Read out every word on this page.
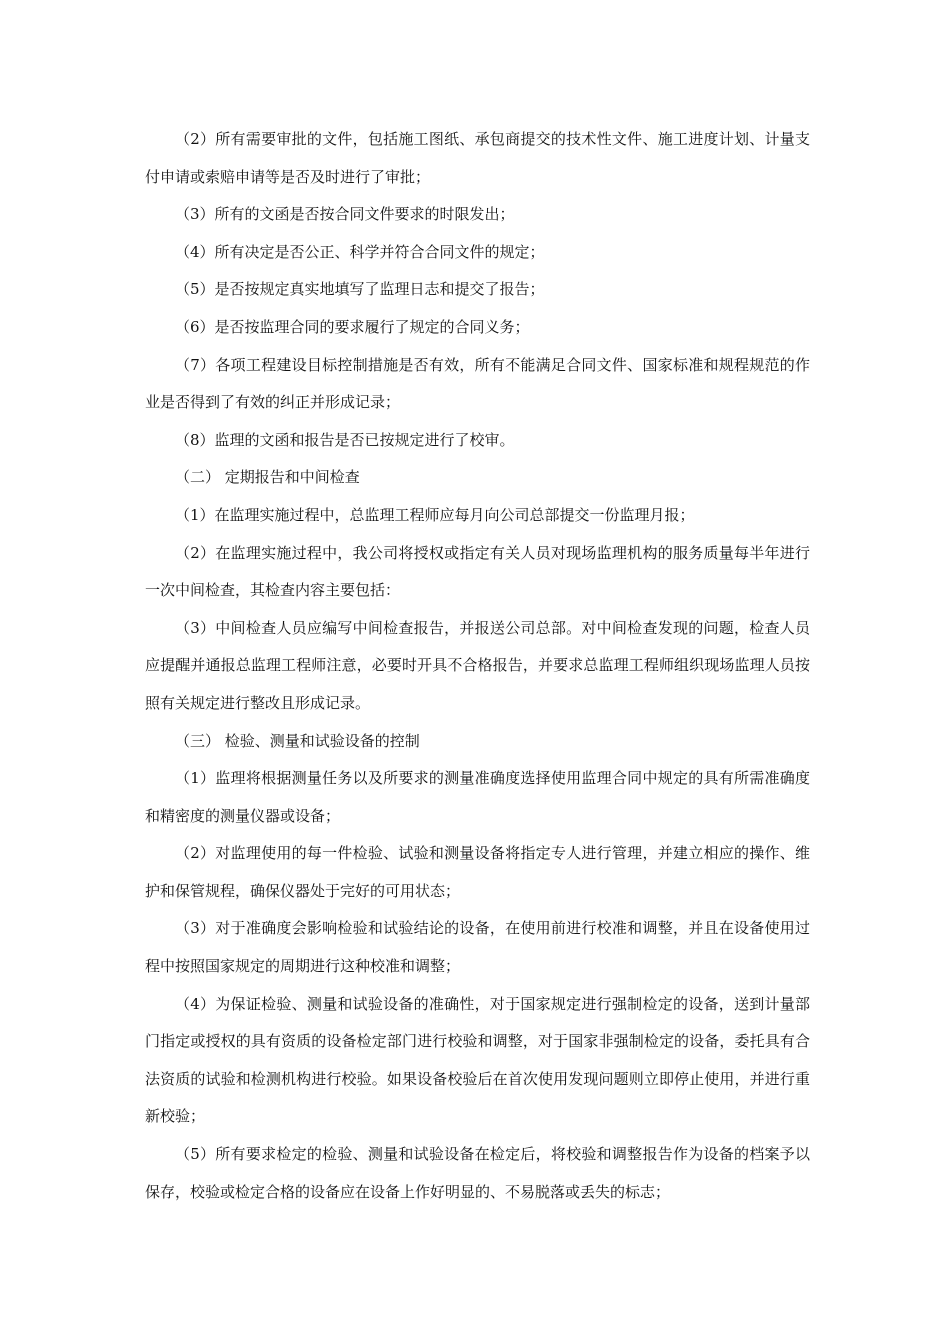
（2）所有需要审批的文件，包括施工图纸、承包商提交的技术性文件、施工进度计划、计量支付申请或索赔申请等是否及时进行了审批；

（3）所有的文函是否按合同文件要求的时限发出；

（4）所有决定是否公正、科学并符合合同文件的规定；

（5）是否按规定真实地填写了监理日志和提交了报告；

（6）是否按监理合同的要求履行了规定的合同义务；

（7）各项工程建设目标控制措施是否有效，所有不能满足合同文件、国家标准和规程规范的作业是否得到了有效的纠正并形成记录；

（8）监理的文函和报告是否已按规定进行了校审。

（二） 定期报告和中间检查

（1）在监理实施过程中，总监理工程师应每月向公司总部提交一份监理月报；

（2）在监理实施过程中，我公司将授权或指定有关人员对现场监理机构的服务质量每半年进行一次中间检查，其检查内容主要包括：

（3）中间检查人员应编写中间检查报告，并报送公司总部。对中间检查发现的问题，检查人员应提醒并通报总监理工程师注意，必要时开具不合格报告，并要求总监理工程师组织现场监理人员按照有关规定进行整改且形成记录。

（三） 检验、测量和试验设备的控制

（1）监理将根据测量任务以及所要求的测量准确度选择使用监理合同中规定的具有所需准确度和精密度的测量仪器或设备；

（2）对监理使用的每一件检验、试验和测量设备将指定专人进行管理，并建立相应的操作、维护和保管规程，确保仪器处于完好的可用状态；

（3）对于准确度会影响检验和试验结论的设备，在使用前进行校准和调整，并且在设备使用过程中按照国家规定的周期进行这种校准和调整；

（4）为保证检验、测量和试验设备的准确性，对于国家规定进行强制检定的设备，送到计量部门指定或授权的具有资质的设备检定部门进行校验和调整，对于国家非强制检定的设备，委托具有合法资质的试验和检测机构进行校验。如果设备校验后在首次使用发现问题则立即停止使用，并进行重新校验；

（5）所有要求检定的检验、测量和试验设备在检定后，将校验和调整报告作为设备的档案予以保存，校验或检定合格的设备应在设备上作好明显的、不易脱落或丢失的标志；
